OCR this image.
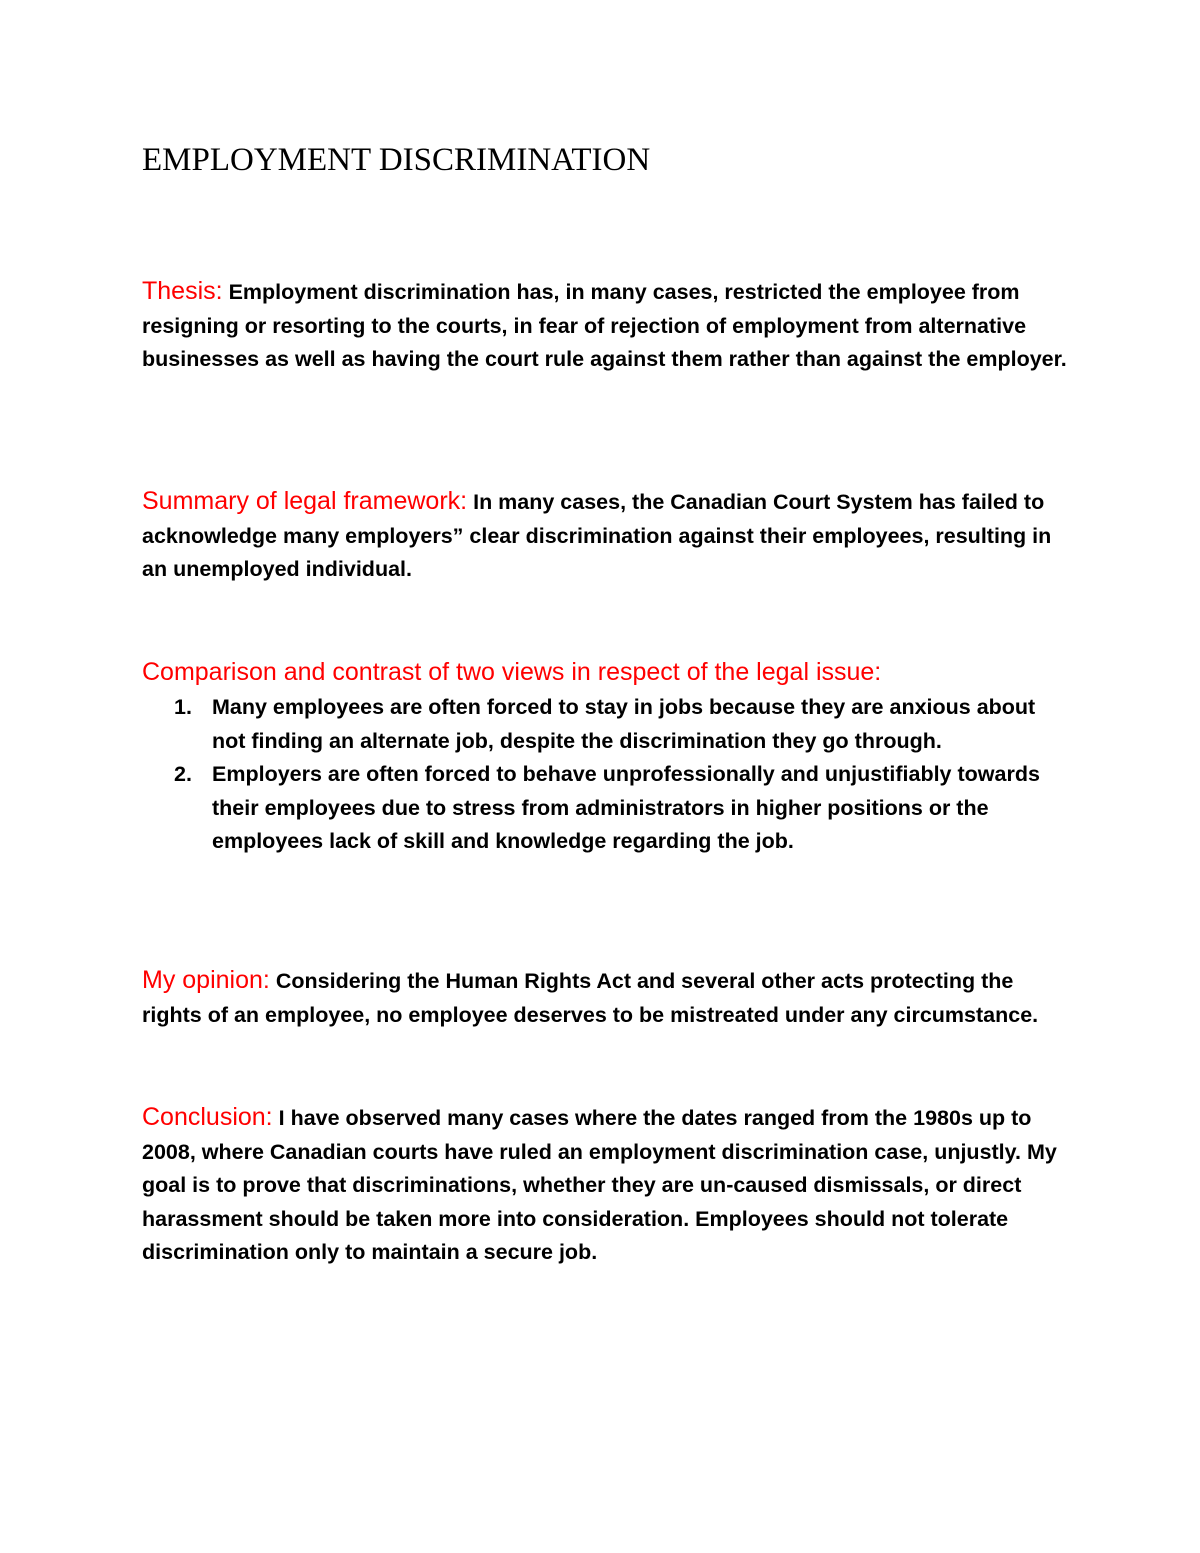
EMPLOYMENT DISCRIMINATION

Thesis: Employment discrimination has, in many cases, restricted the employee from resigning or resorting to the courts, in fear of rejection of employment from alternative businesses as well as having the court rule against them rather than against the employer.

Summary of legal framework: In many cases, the Canadian Court System has failed to acknowledge many employers” clear discrimination against their employees, resulting in an unemployed individual.

Comparison and contrast of two views in respect of the legal issue:

1. Many employees are often forced to stay in jobs because they are anxious about not finding an alternate job, despite the discrimination they go through.
2. Employers are often forced to behave unprofessionally and unjustifiably towards their employees due to stress from administrators in higher positions or the employees lack of skill and knowledge regarding the job.

My opinion: Considering the Human Rights Act and several other acts protecting the rights of an employee, no employee deserves to be mistreated under any circumstance.

Conclusion: I have observed many cases where the dates ranged from the 1980s up to 2008, where Canadian courts have ruled an employment discrimination case, unjustly. My goal is to prove that discriminations, whether they are un-caused dismissals, or direct harassment should be taken more into consideration. Employees should not tolerate discrimination only to maintain a secure job.
